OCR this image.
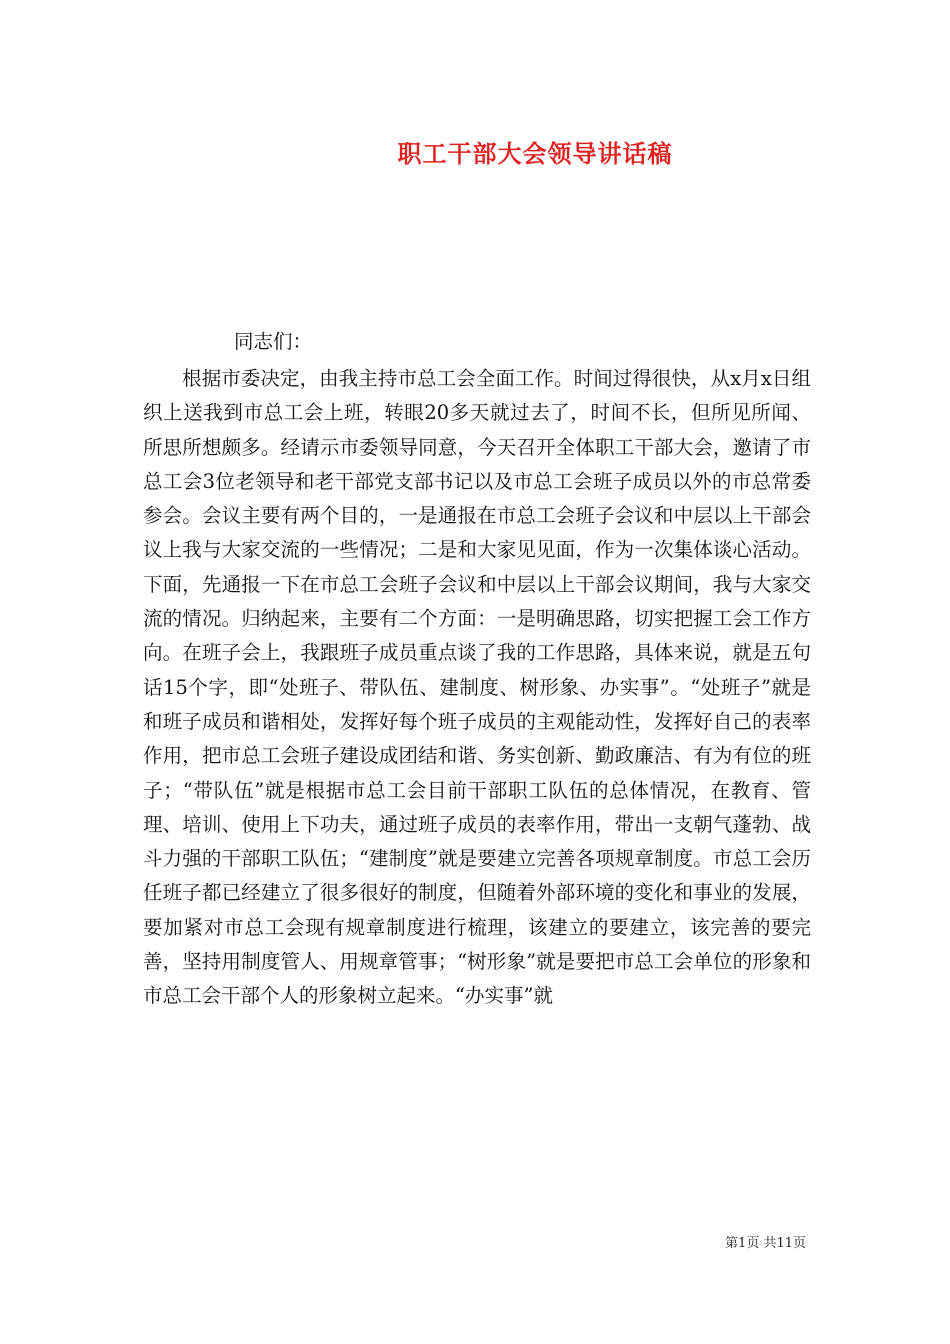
职工干部大会领导讲话稿

同志们：

　　根据市委决定，由我主持市总工会全面工作。时间过得很快，从x月x日组织上送我到市总工会上班，转眼20多天就过去了，时间不长，但所见所闻、所思所想颇多。经请示市委领导同意，今天召开全体职工干部大会，邀请了市总工会3位老领导和老干部党支部书记以及市总工会班子成员以外的市总常委参会。会议主要有两个目的，一是通报在市总工会班子会议和中层以上干部会议上我与大家交流的一些情况；二是和大家见见面，作为一次集体谈心活动。下面，先通报一下在市总工会班子会议和中层以上干部会议期间，我与大家交流的情况。归纳起来，主要有二个方面：一是明确思路，切实把握工会工作方向。在班子会上，我跟班子成员重点谈了我的工作思路，具体来说，就是五句话15个字，即“处班子、带队伍、建制度、树形象、办实事”。“处班子”就是和班子成员和谐相处，发挥好每个班子成员的主观能动性，发挥好自己的表率作用，把市总工会班子建设成团结和谐、务实创新、勤政廉洁、有为有位的班子；“带队伍”就是根据市总工会目前干部职工队伍的总体情况，在教育、管理、培训、使用上下功夫，通过班子成员的表率作用，带出一支朝气蓬勃、战斗力强的干部职工队伍；“建制度”就是要建立完善各项规章制度。市总工会历任班子都已经建立了很多很好的制度，但随着外部环境的变化和事业的发展，要加紧对市总工会现有规章制度进行梳理，该建立的要建立，该完善的要完善，坚持用制度管人、用规章管事；“树形象”就是要把市总工会单位的形象和市总工会干部个人的形象树立起来。“办实事”就

第1页 共11页
